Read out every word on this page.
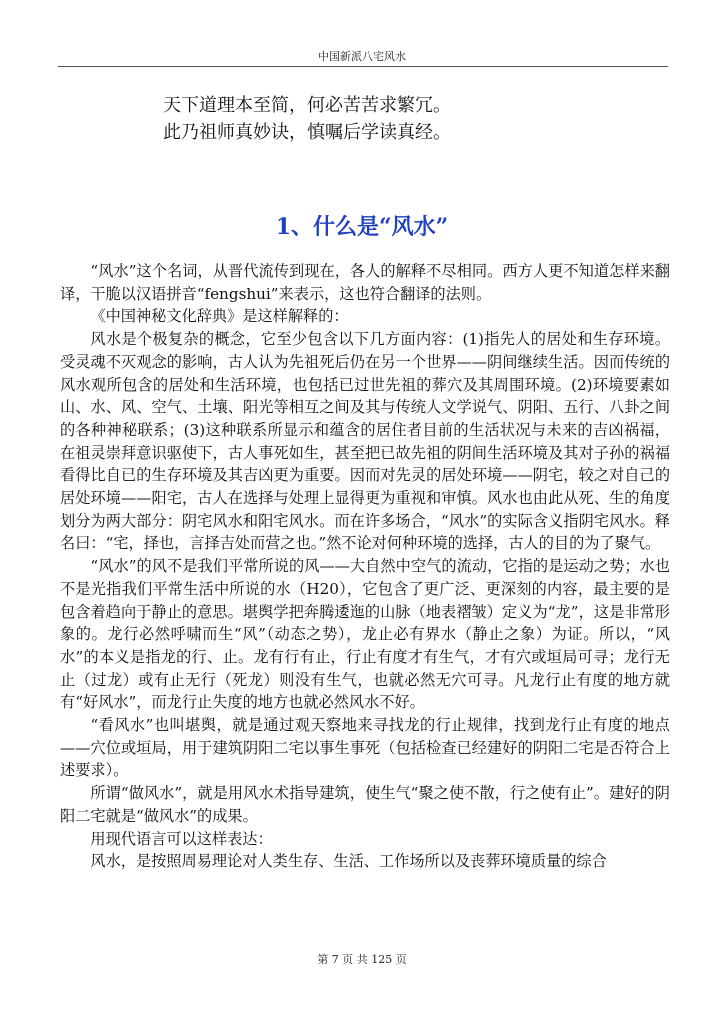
中国新派八宅风水
天下道理本至简，何必苦苦求繁冗。
此乃祖师真妙诀，慎嘱后学读真经。
1、什么是“风水”

“风水”这个名词，从晋代流传到现在，各人的解释不尽相同。西方人更不知道怎样来翻译，干脆以汉语拼音“fengshui”来表示，这也符合翻译的法则。

《中国神秘文化辞典》是这样解释的：

风水是个极复杂的概念，它至少包含以下几方面内容：(1)指先人的居处和生存环境。受灵魂不灭观念的影响，古人认为先祖死后仍在另一个世界——阴间继续生活。因而传统的风水观所包含的居处和生活环境，也包括已过世先祖的葬穴及其周围环境。(2)环境要素如山、水、风、空气、土壤、阳光等相互之间及其与传统人文学说气、阴阳、五行、八卦之间的各种神秘联系；(3)这种联系所显示和蕴含的居住者目前的生活状况与未来的吉凶祸福，在祖灵崇拜意识驱使下，古人事死如生，甚至把已故先祖的阴间生活环境及其对子孙的祸福看得比自已的生存环境及其吉凶更为重要。因而对先灵的居处环境——阴宅，较之对自己的居处环境——阳宅，古人在选择与处理上显得更为重视和审慎。风水也由此从死、生的角度划分为两大部分：阴宅风水和阳宅风水。而在许多场合，“风水”的实际含义指阴宅风水。释名曰：“宅，择也，言择吉处而营之也。”然不论对何种环境的选择，古人的目的为了聚气。

“风水”的风不是我们平常所说的风——大自然中空气的流动，它指的是运动之势；水也不是光指我们平常生活中所说的水（H20），它包含了更广泛、更深刻的内容，最主要的是包含着趋向于静止的意思。堪舆学把奔腾逶迤的山脉（地表褶皱）定义为“龙”，这是非常形象的。龙行必然呼啸而生“风”（动态之势），龙止必有界水（静止之象）为证。所以，“风水”的本义是指龙的行、止。龙有行有止，行止有度才有生气，才有穴或垣局可寻；龙行无止（过龙）或有止无行（死龙）则没有生气，也就必然无穴可寻。凡龙行止有度的地方就有“好风水”，而龙行止失度的地方也就必然风水不好。

“看风水”也叫堪舆，就是通过观天察地来寻找龙的行止规律，找到龙行止有度的地点——穴位或垣局，用于建筑阴阳二宅以事生事死（包括检查已经建好的阴阳二宅是否符合上述要求）。

所谓“做风水”，就是用风水术指导建筑，使生气“聚之使不散，行之使有止”。建好的阴阳二宅就是“做风水”的成果。

用现代语言可以这样表达：

风水，是按照周易理论对人类生存、生活、工作场所以及丧葬环境质量的综合

第 7 页 共 125 页
